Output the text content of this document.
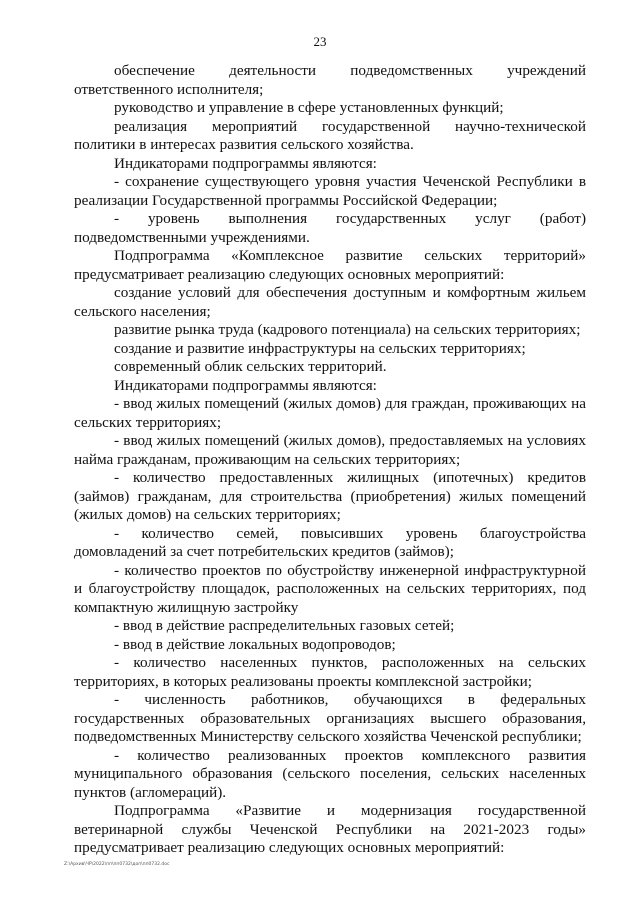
23

обеспечение деятельности подведомственных учреждений ответственного исполнителя;

руководство и управление в сфере установленных функций;

реализация мероприятий государственной научно-технической политики в интересах развития сельского хозяйства.

Индикаторами подпрограммы являются:

- сохранение существующего уровня участия Чеченской Республики в реализации Государственной программы Российской Федерации;

- уровень выполнения государственных услуг (работ) подведомственными учреждениями.

Подпрограмма «Комплексное развитие сельских территорий» предусматривает реализацию следующих основных мероприятий:

создание условий для обеспечения доступным и комфортным жильем сельского населения;

развитие рынка труда (кадрового потенциала) на сельских территориях;

создание и развитие инфраструктуры на сельских территориях;

современный облик сельских территорий.

Индикаторами подпрограммы являются:

- ввод жилых помещений (жилых домов) для граждан, проживающих на сельских территориях;

- ввод жилых помещений (жилых домов), предоставляемых на условиях найма гражданам, проживающим на сельских территориях;

- количество предоставленных жилищных (ипотечных) кредитов (займов) гражданам, для строительства (приобретения) жилых помещений (жилых домов) на сельских территориях;

- количество семей, повысивших уровень благоустройства домовладений за счет потребительских кредитов (займов);

- количество проектов по обустройству инженерной инфраструктурной и благоустройству площадок, расположенных на сельских территориях, под компактную жилищную застройку

- ввод в действие распределительных газовых сетей;

- ввод в действие локальных водопроводов;

- количество населенных пунктов, расположенных на сельских территориях, в которых реализованы проекты комплексной застройки;

- численность работников, обучающихся в федеральных государственных образовательных организациях высшего образования, подведомственных Министерству сельского хозяйства Чеченской республики;

- количество реализованных проектов комплексного развития муниципального образования (сельского поселения, сельских населенных пунктов (агломераций).

Подпрограмма «Развитие и модернизация государственной ветеринарной службы Чеченской Республики на 2021-2023 годы» предусматривает реализацию следующих основных мероприятий:

Z:\Архив\ЧР\2022\пп\пп0732\доп\пп0732.doc
